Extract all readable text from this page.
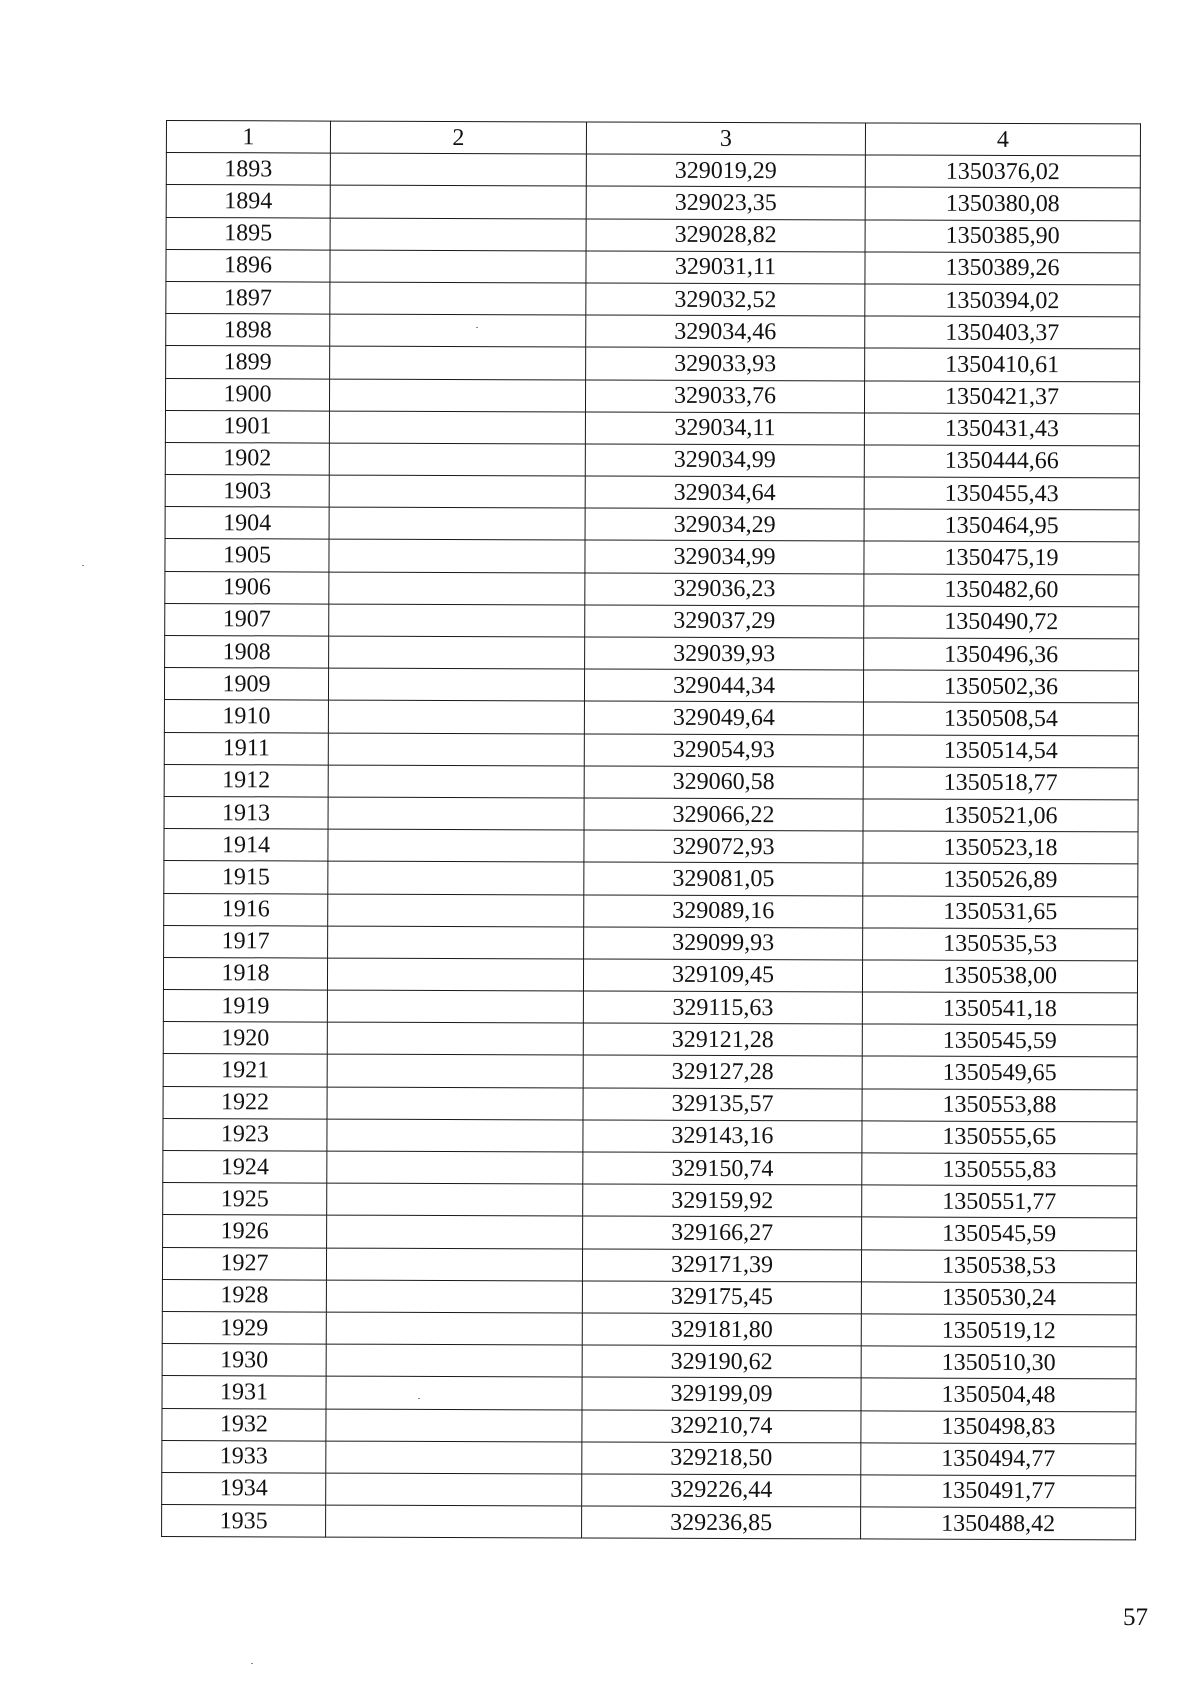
1	2	3	4
1893		329019,29	1350376,02
1894		329023,35	1350380,08
1895		329028,82	1350385,90
1896		329031,11	1350389,26
1897		329032,52	1350394,02
1898		329034,46	1350403,37
1899		329033,93	1350410,61
1900		329033,76	1350421,37
1901		329034,11	1350431,43
1902		329034,99	1350444,66
1903		329034,64	1350455,43
1904		329034,29	1350464,95
1905		329034,99	1350475,19
1906		329036,23	1350482,60
1907		329037,29	1350490,72
1908		329039,93	1350496,36
1909		329044,34	1350502,36
1910		329049,64	1350508,54
1911		329054,93	1350514,54
1912		329060,58	1350518,77
1913		329066,22	1350521,06
1914		329072,93	1350523,18
1915		329081,05	1350526,89
1916		329089,16	1350531,65
1917		329099,93	1350535,53
1918		329109,45	1350538,00
1919		329115,63	1350541,18
1920		329121,28	1350545,59
1921		329127,28	1350549,65
1922		329135,57	1350553,88
1923		329143,16	1350555,65
1924		329150,74	1350555,83
1925		329159,92	1350551,77
1926		329166,27	1350545,59
1927		329171,39	1350538,53
1928		329175,45	1350530,24
1929		329181,80	1350519,12
1930		329190,62	1350510,30
1931		329199,09	1350504,48
1932		329210,74	1350498,83
1933		329218,50	1350494,77
1934		329226,44	1350491,77
1935		329236,85	1350488,42
57
